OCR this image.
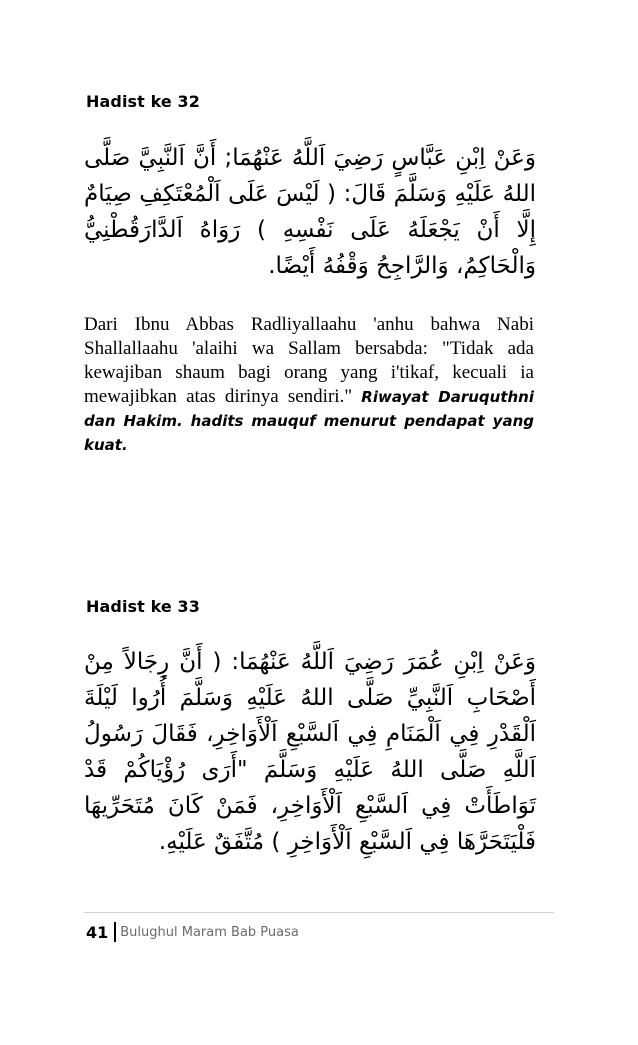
Hadist ke 32
وَعَنْ اِبْنِ عَبَّاسٍ رَضِيَ اَللَّهُ عَنْهُمَا; أَنَّ اَلنَّبِيَّ صَلَّى اللهُ عَلَيْهِ وَسَلَّمَ قَالَ: ( لَيْسَ عَلَى اَلْمُعْتَكِفِ صِيَامٌ إِلَّا أَنْ يَجْعَلَهُ عَلَى نَفْسِهِ ) رَوَاهُ اَلدَّارَقُطْنِيُّ وَالْحَاكِمُ، وَالرَّاجِحُ وَقْفُهُ أَيْضًا.
Dari Ibnu Abbas Radliyallaahu 'anhu bahwa Nabi Shallallaahu 'alaihi wa Sallam bersabda: "Tidak ada kewajiban shaum bagi orang yang i'tikaf, kecuali ia mewajibkan atas dirinya sendiri." Riwayat Daruquthni dan Hakim. hadits mauquf menurut pendapat yang kuat.
Hadist ke 33
وَعَنْ اِبْنِ عُمَرَ رَضِيَ اَللَّهُ عَنْهُمَا: ( أَنَّ رِجَالاً مِنْ أَصْحَابِ اَلنَّبِيِّ صَلَّى اللهُ عَلَيْهِ وَسَلَّمَ أُرُوا لَيْلَةَ اَلْقَدْرِ فِي اَلْمَنَامِ فِي اَلسَّبْعِ اَلْأَوَاخِرِ، فَقَالَ رَسُولُ اَللَّهِ صَلَّى اللهُ عَلَيْهِ وَسَلَّمَ "أَرَى رُؤْيَاكُمْ قَدْ تَوَاطَأَتْ فِي اَلسَّبْعِ اَلْأَوَاخِرِ، فَمَنْ كَانَ مُتَحَرِّيهَا فَلْيَتَحَرَّهَا فِي اَلسَّبْعِ اَلْأَوَاخِرِ ) مُتَّفَقٌ عَلَيْهِ.
41 Bulughul Maram Bab Puasa
